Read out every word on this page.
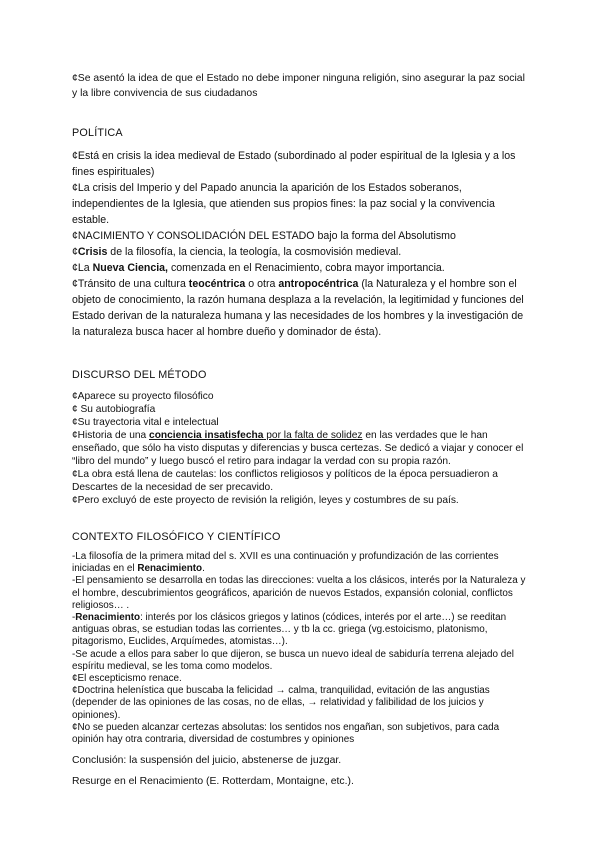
¢Se asentó la idea de que el Estado no debe imponer ninguna religión, sino asegurar la paz social y la libre convivencia de sus ciudadanos

POLÍTICA

¢Está en crisis la idea medieval de Estado (subordinado al poder espiritual de la Iglesia y a los fines espirituales)

¢La crisis del Imperio y del Papado anuncia la aparición de los Estados soberanos, independientes de la Iglesia, que atienden sus propios fines: la paz social y la convivencia estable.

¢NACIMIENTO Y CONSOLIDACIÓN DEL ESTADO bajo la forma del Absolutismo

¢Crisis de la filosofía, la ciencia, la teología, la cosmovisión medieval.

¢La Nueva Ciencia, comenzada en el Renacimiento, cobra mayor importancia.

¢Tránsito de una cultura teocéntrica o otra antropocéntrica (la Naturaleza y el hombre son el objeto de conocimiento, la razón humana desplaza a la revelación, la legitimidad y funciones del Estado derivan de la naturaleza humana y las necesidades de los hombres y la investigación de la naturaleza busca hacer al hombre dueño y dominador de ésta).

DISCURSO DEL MÉTODO

¢Aparece su proyecto filosófico

¢ Su autobiografía

¢Su trayectoria vital e intelectual

¢Historia de una conciencia insatisfecha por la falta de solidez en las verdades que le han enseñado, que sólo ha visto disputas y diferencias y busca certezas. Se dedicó a viajar y conocer el “libro del mundo” y luego buscó el retiro para indagar la verdad con su propia razón.

¢La obra está llena de cautelas: los conflictos religiosos y políticos de la época persuadieron a Descartes de la necesidad de ser precavido.

¢Pero excluyó de este proyecto de revisión la religión, leyes y costumbres de su país.

CONTEXTO FILOSÓFICO Y CIENTÍFICO

-La filosofía de la primera mitad del s. XVII es una continuación y profundización de las corrientes iniciadas en el Renacimiento.

-El pensamiento se desarrolla en todas las direcciones: vuelta a los clásicos, interés por la Naturaleza y el hombre, descubrimientos geográficos, aparición de nuevos Estados, expansión colonial, conflictos religiosos… .

-Renacimiento: interés por los clásicos griegos y latinos (códices, interés por el arte…) se reeditan antiguas obras, se estudian todas las corrientes… y tb la cc. griega (vg.estoicismo, platonismo, pitagorismo, Euclides, Arquímedes, atomistas…).

-Se acude a ellos para saber lo que dijeron, se busca un nuevo ideal de sabiduría terrena alejado del espíritu medieval, se les toma como modelos.

¢El escepticismo renace.

¢Doctrina helenística que buscaba la felicidad → calma, tranquilidad, evitación de las angustias (depender de las opiniones de las cosas, no de ellas, → relatividad y falibilidad de los juicios y opiniones).

¢No se pueden alcanzar certezas absolutas: los sentidos nos engañan, son subjetivos, para cada opinión hay otra contraria, diversidad de costumbres y opiniones

Conclusión: la suspensión del juicio, abstenerse de juzgar.

Resurge en el Renacimiento (E. Rotterdam, Montaigne, etc.).
